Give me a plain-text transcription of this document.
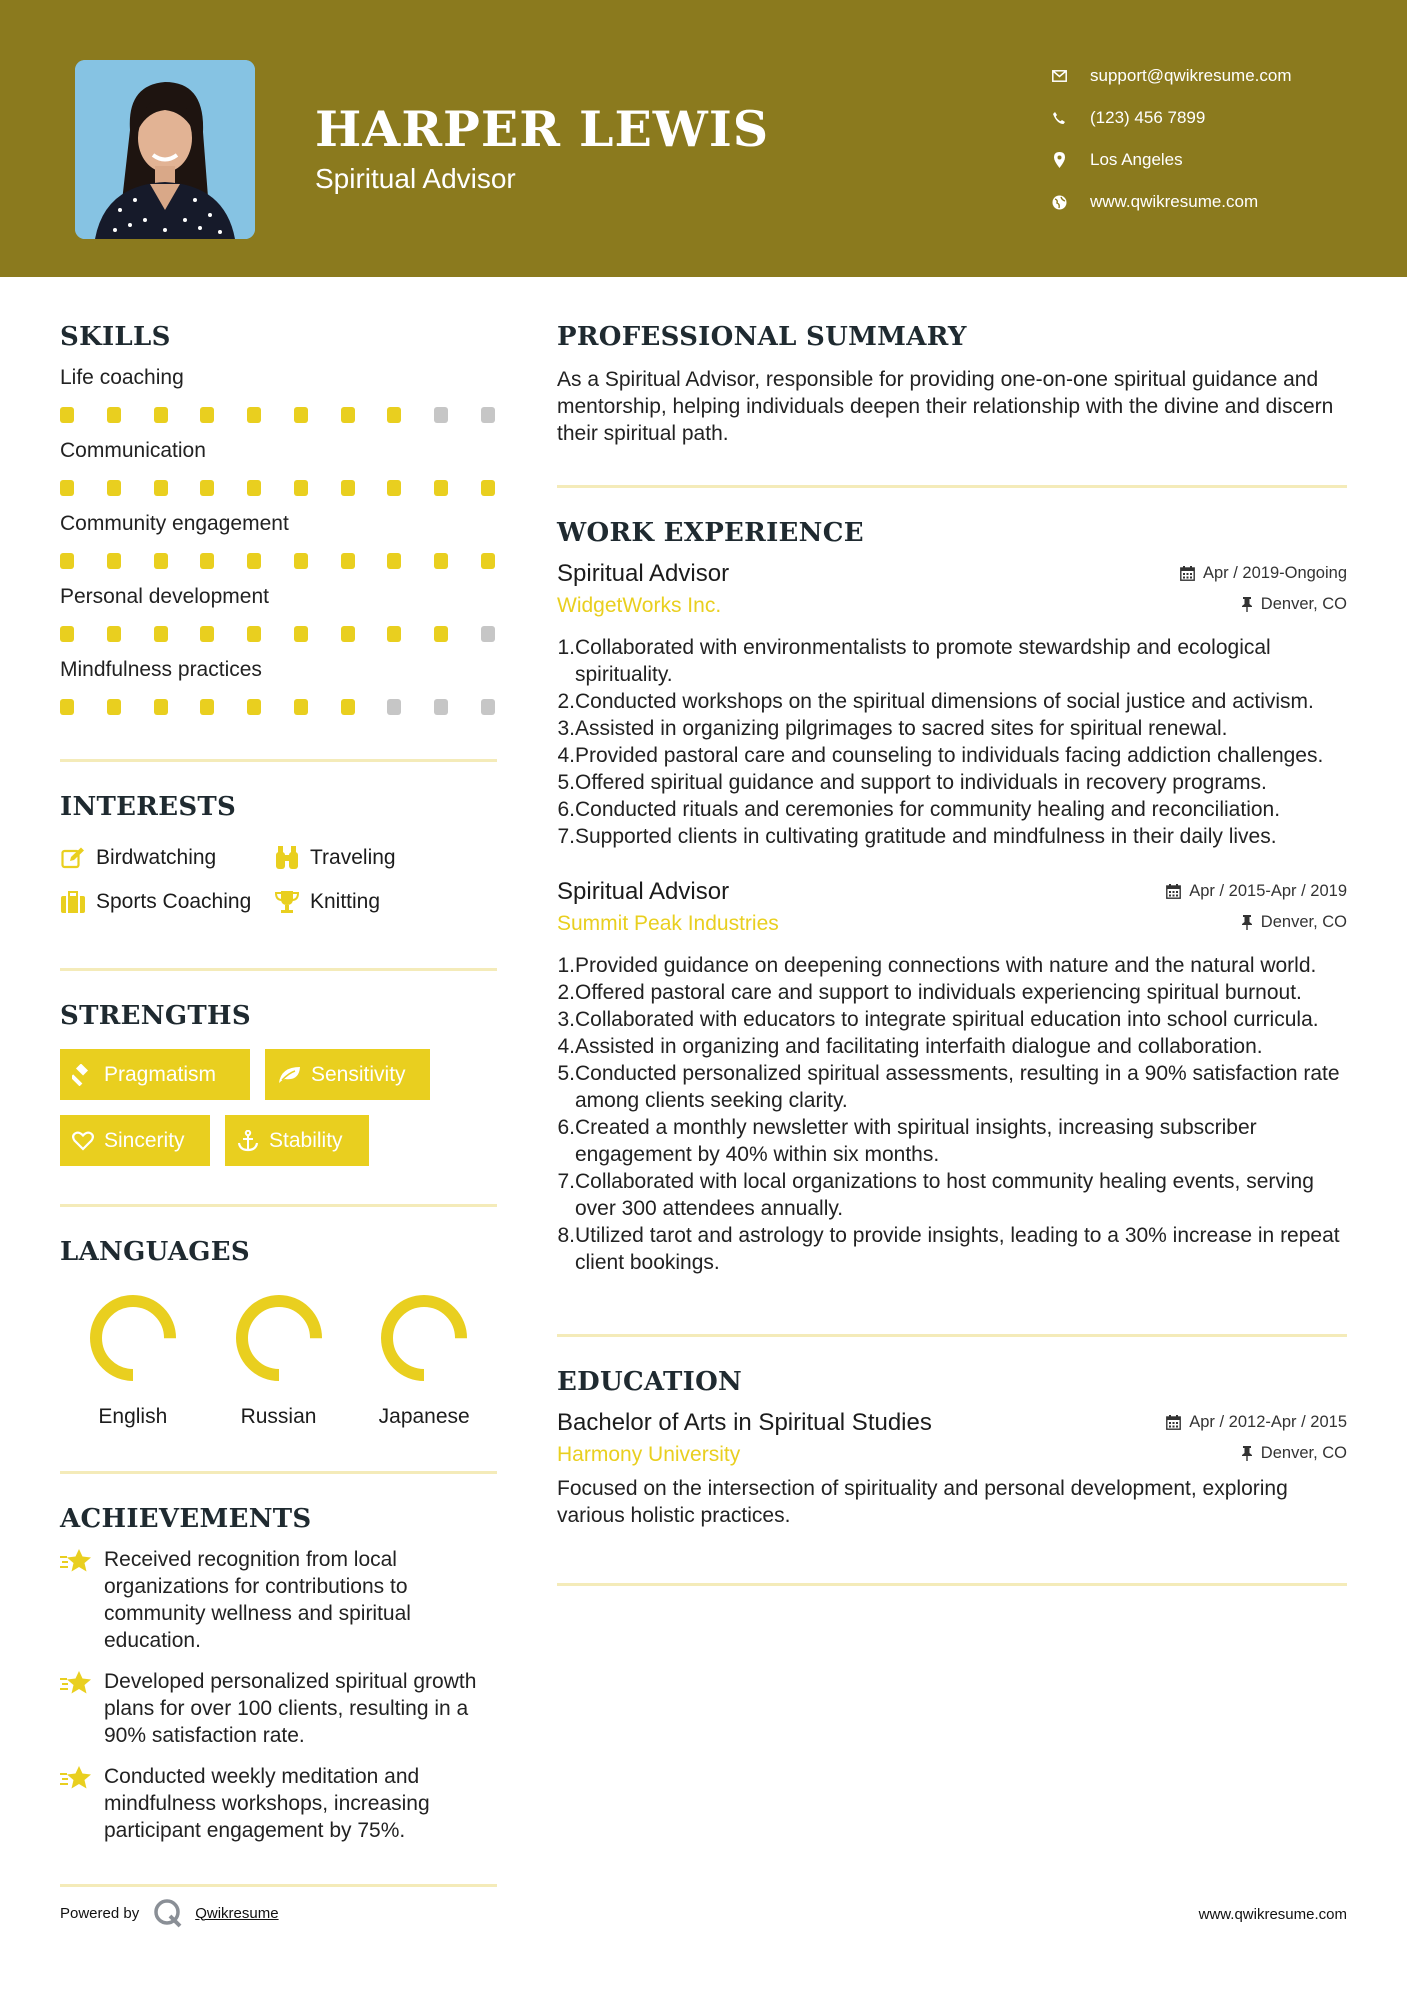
HARPER LEWIS
Spiritual Advisor
support@qwikresume.com
(123) 456 7899
Los Angeles
www.qwikresume.com
SKILLS
Life coaching
Communication
Community engagement
Personal development
Mindfulness practices
INTERESTS
Birdwatching	Traveling
Sports Coaching	Knitting
STRENGTHS
Pragmatism	Sensitivity
Sincerity	Stability
LANGUAGES
English	Russian	Japanese
ACHIEVEMENTS
Received recognition from local organizations for contributions to community wellness and spiritual education.
Developed personalized spiritual growth plans for over 100 clients, resulting in a 90% satisfaction rate.
Conducted weekly meditation and mindfulness workshops, increasing participant engagement by 75%.
PROFESSIONAL SUMMARY
As a Spiritual Advisor, responsible for providing one-on-one spiritual guidance and mentorship, helping individuals deepen their relationship with the divine and discern their spiritual path.
WORK EXPERIENCE
Spiritual Advisor	Apr / 2019-Ongoing
WidgetWorks Inc.	Denver, CO
1. Collaborated with environmentalists to promote stewardship and ecological spirituality.
2. Conducted workshops on the spiritual dimensions of social justice and activism.
3. Assisted in organizing pilgrimages to sacred sites for spiritual renewal.
4. Provided pastoral care and counseling to individuals facing addiction challenges.
5. Offered spiritual guidance and support to individuals in recovery programs.
6. Conducted rituals and ceremonies for community healing and reconciliation.
7. Supported clients in cultivating gratitude and mindfulness in their daily lives.
Spiritual Advisor	Apr / 2015-Apr / 2019
Summit Peak Industries	Denver, CO
1. Provided guidance on deepening connections with nature and the natural world.
2. Offered pastoral care and support to individuals experiencing spiritual burnout.
3. Collaborated with educators to integrate spiritual education into school curricula.
4. Assisted in organizing and facilitating interfaith dialogue and collaboration.
5. Conducted personalized spiritual assessments, resulting in a 90% satisfaction rate among clients seeking clarity.
6. Created a monthly newsletter with spiritual insights, increasing subscriber engagement by 40% within six months.
7. Collaborated with local organizations to host community healing events, serving over 300 attendees annually.
8. Utilized tarot and astrology to provide insights, leading to a 30% increase in repeat client bookings.
EDUCATION
Bachelor of Arts in Spiritual Studies	Apr / 2012-Apr / 2015
Harmony University	Denver, CO
Focused on the intersection of spirituality and personal development, exploring various holistic practices.
Powered by	Qwikresume	www.qwikresume.com
